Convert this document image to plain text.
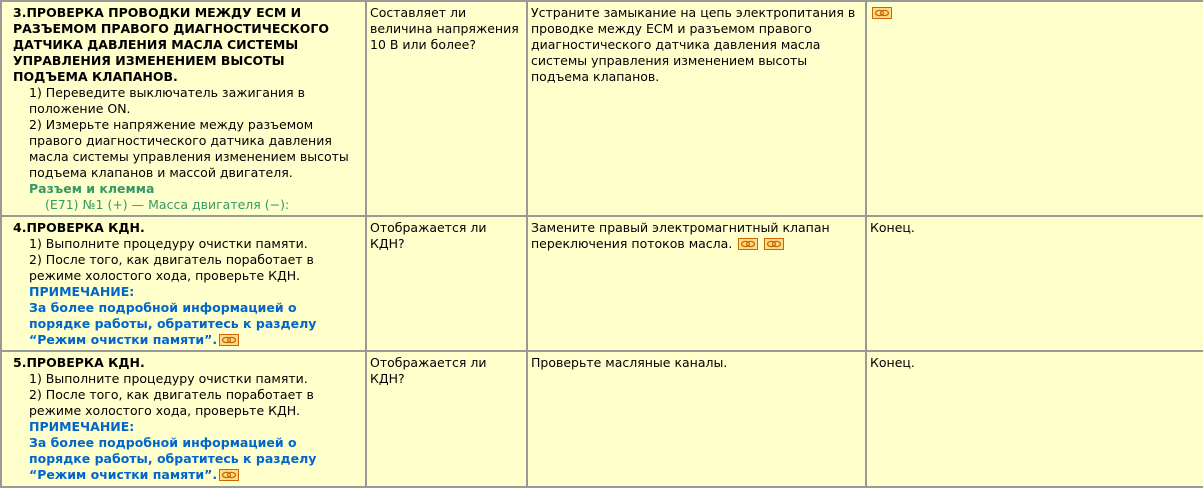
3.ПРОВЕРКА ПРОВОДКИ МЕЖДУ ЕСМ И РАЗЪЕМОМ ПРАВОГО ДИАГНОСТИЧЕСКОГО ДАТЧИКА ДАВЛЕНИЯ МАСЛА СИСТЕМЫ УПРАВЛЕНИЯ ИЗМЕНЕНИЕМ ВЫСОТЫ ПОДЪЕМА КЛАПАНОВ.
1) Переведите выключатель зажигания в положение ON.
2) Измерьте напряжение между разъемом правого диагностического датчика давления масла системы управления изменением высоты подъема клапанов и массой двигателя.
Разъем и клемма
(E71) №1 (+) — Масса двигателя (−):	Составляет ли величина напряжения 10 В или более?	Устраните замыкание на цепь электропитания в проводке между ЕСМ и разъемом правого диагностического датчика давления масла системы управления изменением высоты подъема клапанов.	

4.ПРОВЕРКА КДН.
1) Выполните процедуру очистки памяти.
2) После того, как двигатель поработает в режиме холостого хода, проверьте КДН.
ПРИМЕЧАНИЕ:
За более подробной информацией о порядке работы, обратитесь к разделу “Режим очистки памяти”.	Отображается ли КДН?	Замените правый электромагнитный клапан переключения потоков масла.	Конец.

5.ПРОВЕРКА КДН.
1) Выполните процедуру очистки памяти.
2) После того, как двигатель поработает в режиме холостого хода, проверьте КДН.
ПРИМЕЧАНИЕ:
За более подробной информацией о порядке работы, обратитесь к разделу “Режим очистки памяти”.	Отображается ли КДН?	Проверьте масляные каналы.	Конец.
